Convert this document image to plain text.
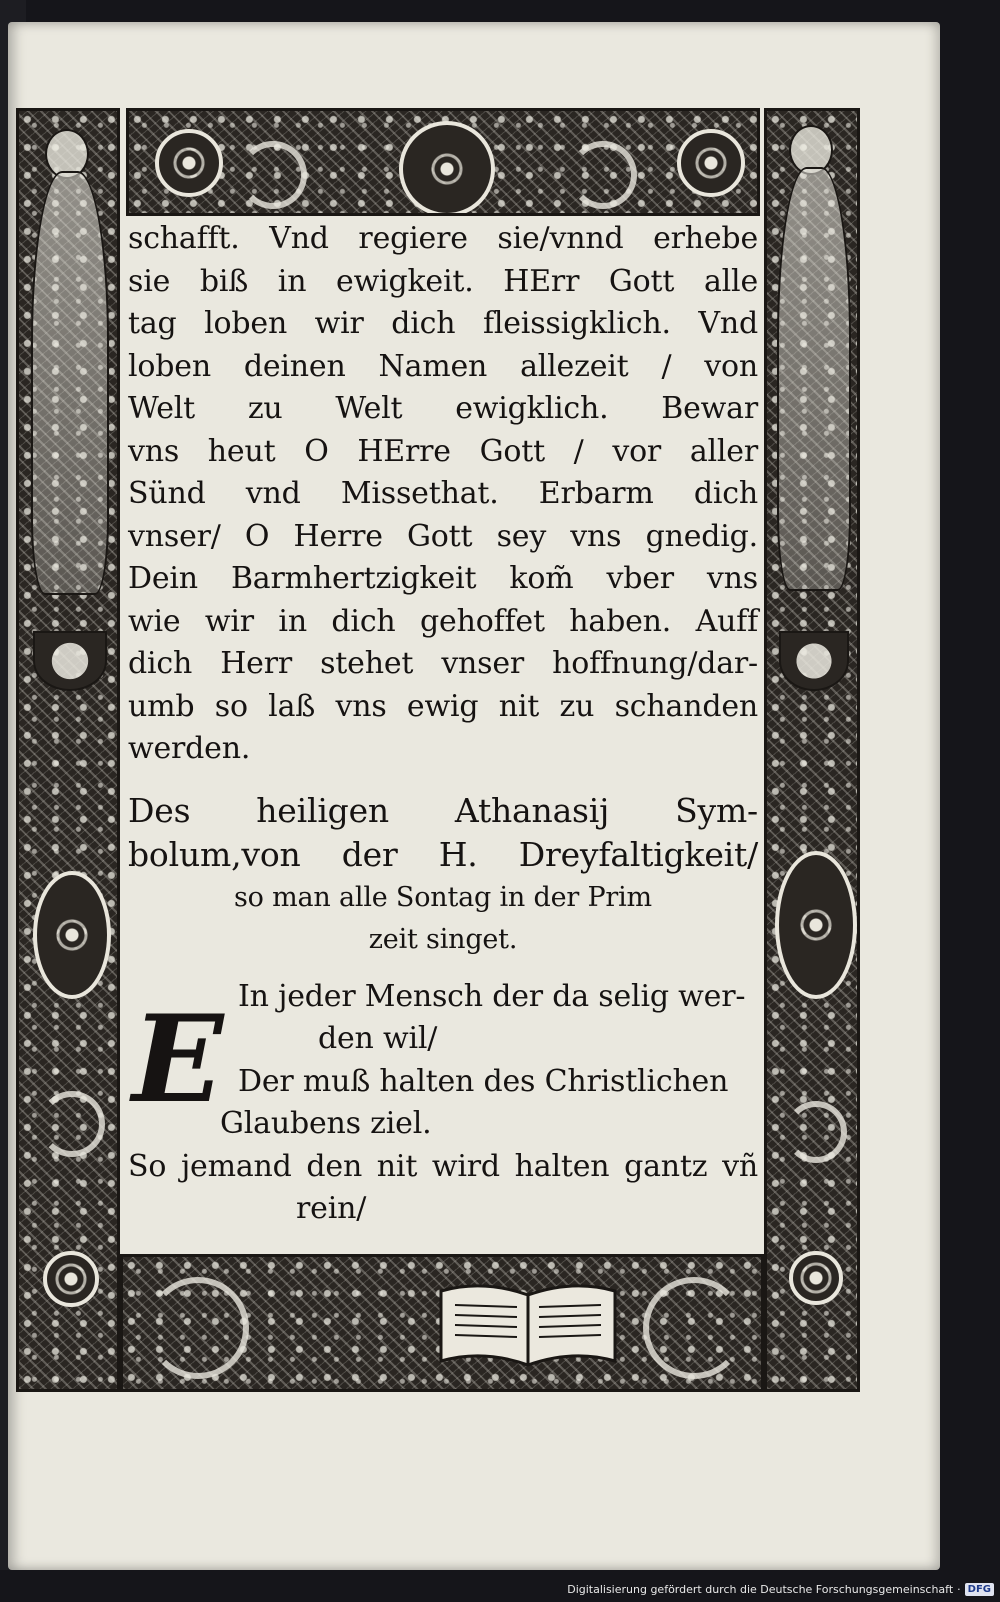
schafft. Vnd regiere sie/vnnd erhebe
sie biß in ewigkeit. HErr Gott alle
tag loben wir dich fleissigklich. Vnd
loben deinen Namen allezeit / von
Welt zu Welt ewigklich. Bewar
vns heut O HErre Gott / vor aller
Sünd vnd Missethat. Erbarm dich
vnser/ O Herre Gott sey vns gnedig.
Dein Barmhertzigkeit kom̃ vber vns
wie wir in dich gehoffet haben. Auff
dich Herr stehet vnser hoffnung/dar-
umb so laß vns ewig nit zu schanden
werden.
Des heiligen Athanasij Sym-
bolum,von der H. Dreyfaltigkeit/
so man alle Sontag in der Prim
zeit singet.
E In jeder Mensch der da selig wer-
den wil/
Der muß halten des Christlichen
Glaubens ziel.
So jemand den nit wird halten gantz vñ
rein/
Digitalisierung gefördert durch die Deutsche Forschungsgemeinschaft · DFG
